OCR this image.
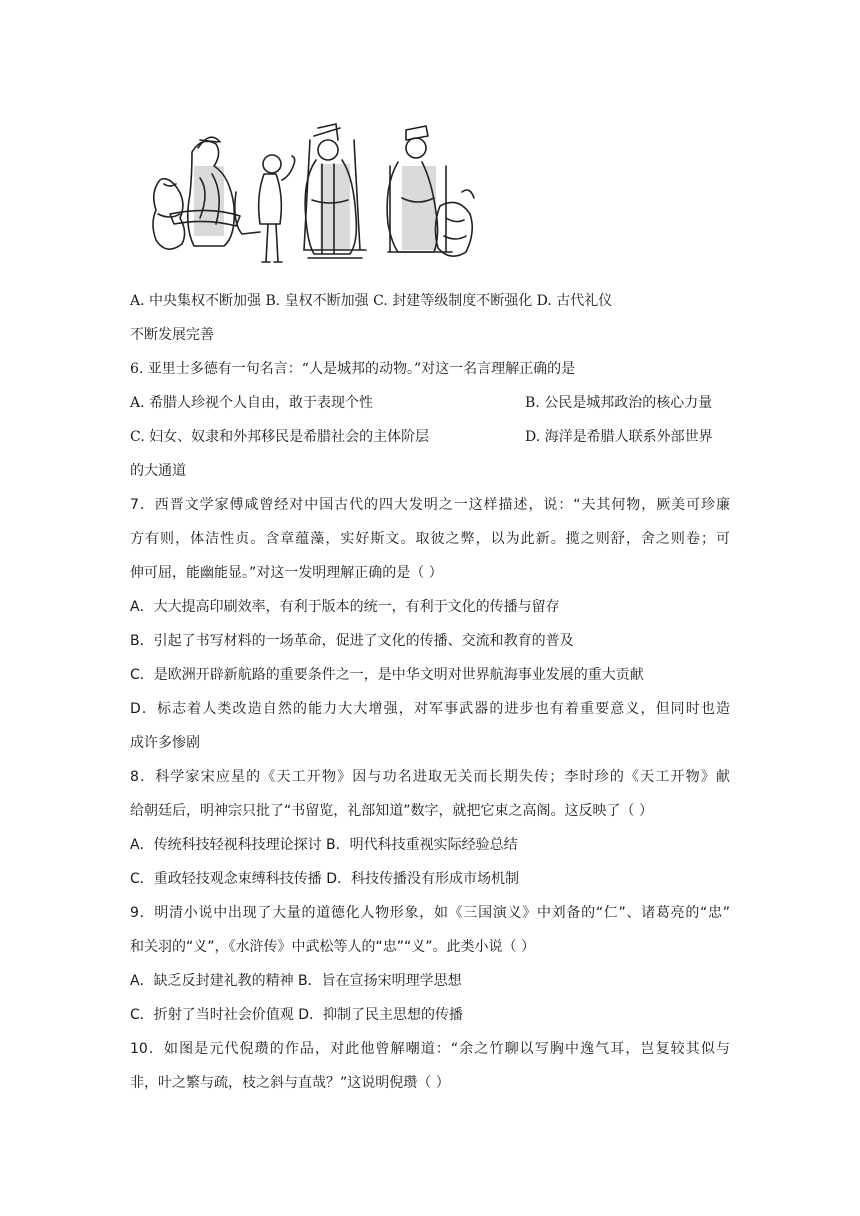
A. 中央集权不断加强 B. 皇权不断加强 C. 封建等级制度不断强化 D. 古代礼仪
不断发展完善
6. 亚里士多德有一句名言：“人是城邦的动物。”对这一名言理解正确的是
A. 希腊人珍视个人自由，敢于表现个性	B. 公民是城邦政治的核心力量
C. 妇女、奴隶和外邦移民是希腊社会的主体阶层	D. 海洋是希腊人联系外部世界
的大通道
7．西晋文学家傅咸曾经对中国古代的四大发明之一这样描述，说：“夫其何物，厥美可珍廉
方有则，体洁性贞。含章蕴藻，实好斯文。取彼之弊，以为此新。揽之则舒，舍之则卷；可
伸可屈，能幽能显。”对这一发明理解正确的是（ ）
A．大大提高印刷效率，有利于版本的统一，有利于文化的传播与留存
B．引起了书写材料的一场革命，促进了文化的传播、交流和教育的普及
C．是欧洲开辟新航路的重要条件之一，是中华文明对世界航海事业发展的重大贡献
D．标志着人类改造自然的能力大大增强，对军事武器的进步也有着重要意义，但同时也造
成许多惨剧
8．科学家宋应星的《天工开物》因与功名进取无关而长期失传；李时珍的《天工开物》献
给朝廷后，明神宗只批了“书留览，礼部知道”数字，就把它束之高阁。这反映了（ ）
A．传统科技轻视科技理论探讨 B．明代科技重视实际经验总结
C．重政轻技观念束缚科技传播 D．科技传播没有形成市场机制
9．明清小说中出现了大量的道德化人物形象，如《三国演义》中刘备的“仁”、诸葛亮的“忠”
和关羽的“义”，《水浒传》中武松等人的“忠”“义”。此类小说（ ）
A．缺乏反封建礼教的精神 B．旨在宣扬宋明理学思想
C．折射了当时社会价值观 D．抑制了民主思想的传播
10．如图是元代倪瓒的作品，对此他曾解嘲道：“余之竹聊以写胸中逸气耳，岂复较其似与
非，叶之繁与疏，枝之斜与直哉？”这说明倪瓒（ ）
